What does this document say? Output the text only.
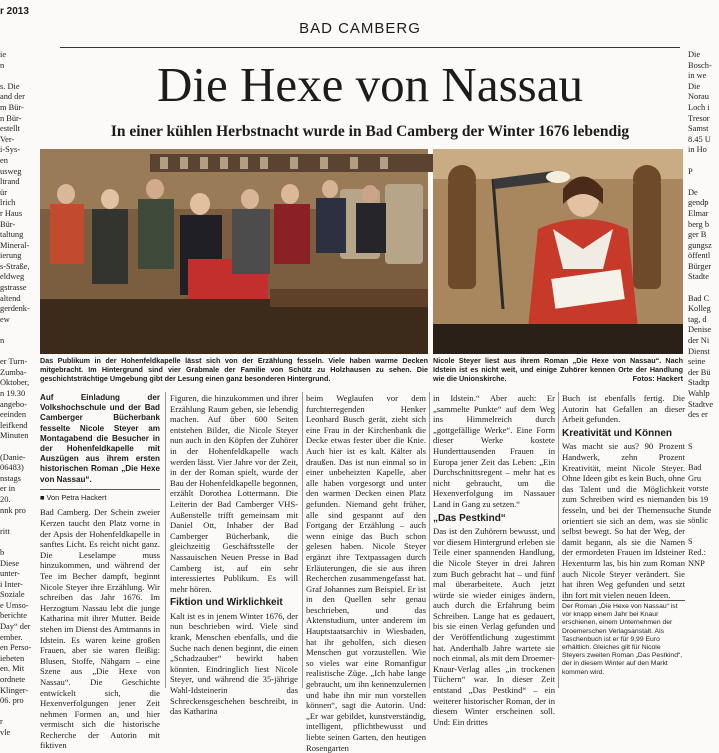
r 2013
BAD CAMBERG
Die Hexe von Nassau
In einer kühlen Herbstnacht wurde in Bad Camberg der Winter 1676 lebendig
Das Publikum in der Hohenfeldkapelle lässt sich von der Erzählung fesseln. Viele haben warme Decken mitgebracht. Im Hintergrund sind vier Grabmale der Familie von Schütz zu Holzhausen zu sehen. Die geschichtsträchtige Umgebung gibt der Lesung einen ganz besonderen Hintergrund.
Nicole Steyer liest aus ihrem Roman „Die Hexe von Nassau“. Nach Idstein ist es nicht weit, und einige Zuhörer kennen Orte der Handlung wie die Unionskirche.	Fotos: Hackert

ie

n

s. Die

and der

m Bür-

n Bür-

estellt

Ver-

i-Sys-

en

usweg

ltrand

ür

lrich

r Haus

Bür-

taltung

Mineral-

ierung

s-Straße,

eldweg

gstrasse

altend

gerdenk-

ew

n

er Turn-

Zumba-

Oktober,

n 19.30

angebo-

eeinden

leifkend

Minuten

(Danie-

06483)

nstags

er in

20.

nnk pro

ritt

b

Diese

unter-

i Inter-

Soziale

e Umso-

berichte

Day“ der

ember.

en Perso-

iebeten

en. Mit

ordnete

Klinger-

06. pro

r

vle

Die

Bosch-

in we

Die

Norau

Loch i

Tresor

Samst

8.45 U

in Ho

P

De

gendp

Elmar

berg b

ger B

gungsz

öffentl

Bürger

Stadte

Bad C

Kolleg

tag, d

Denise

der Ni

Dienst

seine

der Bü

Stadtp

Wahlp

Stadtve

des er

S

Bad

Gru

vorste

bis 19

Stunde

sönlic

S

Red.:

NNP

Auf Einladung der Volkshochschule und der Bad Camberger Bücherbank fesselte Nicole Steyer am Montagabend die Besucher in der Hohenfeldkapelle mit Auszügen aus ihrem ersten historischen Roman „Die Hexe von Nassau“.

■ Von Petra Hackert

Bad Camberg. Der Schein zweier Kerzen taucht den Platz vorne in der Apsis der Hohenfeldkapelle in sanftes Licht. Es reicht nicht ganz. Die Leselampe muss hinzukommen, und während der Tee im Becher dampft, beginnt Nicole Steyer ihre Erzählung. Wir schreiben das Jahr 1676. Im Herzogtum Nassau lebt die junge Katharina mit ihrer Mutter. Beide stehen im Dienst des Amtmanns in Idstein. Es waren keine großen Frauen, aber sie waren fleißig: Blusen, Stoffe, Nähgarn – eine Szene aus „Die Hexe von Nassau“. Die Geschichte entwickelt sich, die Hexenverfolgungen jener Zeit nehmen Formen an, und hier vermischt sich die historische Recherche der Autorin mit fiktiven

Figuren, die hinzukommen und ihrer Erzählung Raum geben, sie lebendig machen. Auf über 600 Seiten entstehen Bilder, die Nicole Steyer nun auch in den Köpfen der Zuhörer in der Hohenfeldkapelle wach werden lässt. Vier Jahre vor der Zeit, in der der Roman spielt, wurde der Bau der Hohenfeldkapelle begonnen, erzählt Dorothea Lottermann. Die Leiterin der Bad Camberger VHS-Außenstelle trifft gemeinsam mit Daniel Ott, Inhaber der Bad Camberger Bücherbank, die gleichzeitig Geschäftsstelle der Nassauischen Neuen Presse in Bad Camberg ist, auf ein sehr interessiertes Publikum. Es will mehr hören.

Fiktion und Wirklichkeit

Kalt ist es in jenem Winter 1676, der nun beschrieben wird. Viele sind krank, Menschen ebenfalls, und die Suche nach denen beginnt, die einen „Schadzauber“ bewirkt haben könnten. Eindringlich liest Nicole Steyer, und während die 35-jährige Wahl-Idsteinerin das Schreckensgeschehen beschreibt, in das Katharina

beim Weglaufen vor dem furchterregenden Henker Leonhard Busch gerät, zieht sich eine Frau in der Kirchenbank die Decke etwas fester über die Knie. Auch hier ist es kalt. Kälter als draußen. Das ist nun einmal so in einer unbeheizten Kapelle, aber alle haben vorgesorgt und unter den warmen Decken einen Platz gefunden. Niemand geht früher, alle sind gespannt auf den Fortgang der Erzählung – auch wenn einige das Buch schon gelesen haben. Nicole Steyer ergänzt ihre Textpassagen durch Erläuterungen, die sie aus ihren Recherchen zusammengefasst hat. Graf Johannes zum Beispiel. Er ist in den Quellen sehr genau beschrieben, und das Aktenstudium, unter anderem im Hauptstaatsarchiv in Wiesbaden, hat ihr geholfen, sich diesen Menschen gut vorzustellen. Wie so vieles war eine Romanfigur realistische Züge. „Ich habe lange gebraucht, um ihn kennenzulernen und habe ihn mir nun vorstellen können“, sagt die Autorin. Und: „Er war gebildet, kunstverständig, intelligent, pflichtbewusst und liebte seinen Garten, den heutigen Rosengarten

in Idstein.“ Aber auch: Er „sammelte Punkte“ auf dem Weg ins Himmelreich durch „gottgefällige Werke“. Eine Form dieser Werke kostete Hunderttausenden Frauen in Europa jener Zeit das Leben: „Ein Durchschnittsregent – mehr hat es nicht gebraucht, um die Hexenverfolgung im Nassauer Land in Gang zu setzen.“

„Das Pestkind“

Das ist den Zuhörern bewusst, und vor diesem Hintergrund erleben sie Teile einer spannenden Handlung, die Nicole Steyer in drei Jahren zum Buch gebracht hat – und fünf mal überarbeitete. Auch jetzt würde sie wieder einiges ändern, auch durch die Erfahrung beim Schreiben. Lange hat es gedauert, bis sie einen Verlag gefunden und der Veröffentlichung zugestimmt hat. Anderthalb Jahre wartete sie noch einmal, als mit dem Droemer-Knaur-Verlag alles „in trockenen Tüchern“ war. In dieser Zeit entstand „Das Pestkind“ – ein weiterer historischer Roman, der in diesem Winter erscheinen soll. Und: Ein drittes

Buch ist ebenfalls fertig. Die Autorin hat Gefallen an dieser Arbeit gefunden.

Kreativität und Können

Was macht sie aus? 90 Prozent Handwerk, zehn Prozent Kreativität, meint Nicole Steyer. Ohne Ideen gibt es kein Buch, ohne das Talent und die Möglichkeit zum Schreiben wird es niemanden fesseln, und bei der Themensuche orientiert sie sich an dem, was sie selbst bewegt. So hat der Weg, der damit begann, als sie die Namen der ermordeten Frauen im Idsteiner Hexenturm las, bis hin zum Roman auch Nicole Steyer verändert. Sie hat ihren Weg gefunden und setzt ihn fort mit vielen neuen Ideen.

Der Roman „Die Hexe von Nassau“ ist vor knapp einem Jahr bei Knaur erschienen, einem Unternehmen der Droemerschen Verlagsanstalt. Als Taschenbuch ist er für 9,99 Euro erhältlich. Gleiches gilt für Nicole Steyers zweiten Roman „Das Pestkind“, der in diesem Winter auf den Markt kommen wird.
